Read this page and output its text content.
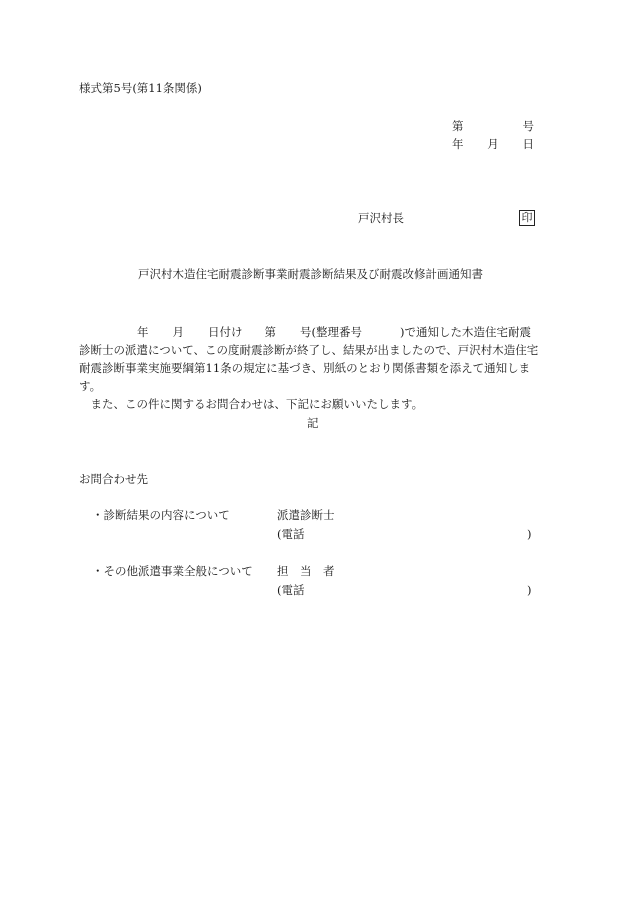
様式第5号(第11条関係)
第	号
年 月 日
戸沢村長	印
戸沢村木造住宅耐震診断事業耐震診断結果及び耐震改修計画通知書

年 月 日付け 第 号(整理番号	)で通知した木造住宅耐震

診断士の派遣について、この度耐震診断が終了し、結果が出ましたので、戸沢村木造住宅

耐震診断事業実施要綱第11条の規定に基づき、別紙のとおり関係書類を添えて通知します。

　また、この件に関するお問合わせは、下記にお願いいたします。

記
お問合わせ先
・診断結果の内容について	派遣診断士
(電話	)
・その他派遣事業全般について 担　当　者
(電話	)
